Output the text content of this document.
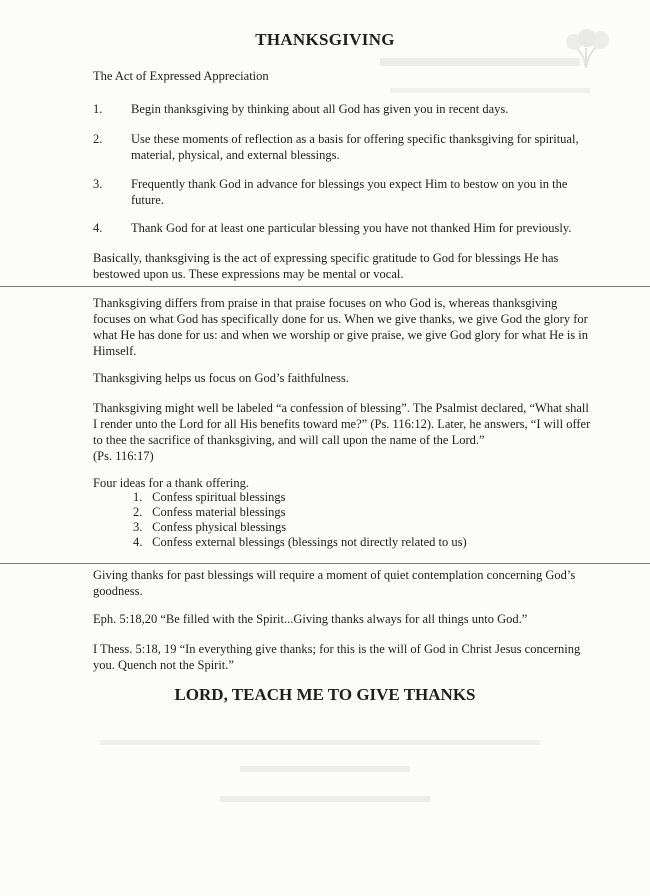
THANKSGIVING
The Act of Expressed Appreciation
1.	Begin thanksgiving by thinking about all God has given you in recent days.
2.	Use these moments of reflection as a basis for offering specific thanksgiving for spiritual, material, physical, and external blessings.
3.	Frequently thank God in advance for blessings you expect Him to bestow on you in the future.
4.	Thank God for at least one particular blessing you have not thanked Him for previously.
Basically, thanksgiving is the act of expressing specific gratitude to God for blessings He has bestowed upon us. These expressions may be mental or vocal.
Thanksgiving differs from praise in that praise focuses on who God is, whereas thanksgiving focuses on what God has specifically done for us. When we give thanks, we give God the glory for what He has done for us: and when we worship or give praise, we give God glory for what He is in Himself.
Thanksgiving helps us focus on God’s faithfulness.
Thanksgiving might well be labeled “a confession of blessing”. The Psalmist declared, “What shall I render unto the Lord for all His benefits toward me?” (Ps. 116:12). Later, he answers, “I will offer to thee the sacrifice of thanksgiving, and will call upon the name of the Lord.”
(Ps. 116:17)
Four ideas for a thank offering.
1. Confess spiritual blessings
2. Confess material blessings
3. Confess physical blessings
4. Confess external blessings (blessings not directly related to us)
Giving thanks for past blessings will require a moment of quiet contemplation concerning God’s goodness.
Eph. 5:18,20 “Be filled with the Spirit...Giving thanks always for all things unto God.”
I Thess. 5:18, 19 “In everything give thanks; for this is the will of God in Christ Jesus concerning you. Quench not the Spirit.”
LORD, TEACH ME TO GIVE THANKS
